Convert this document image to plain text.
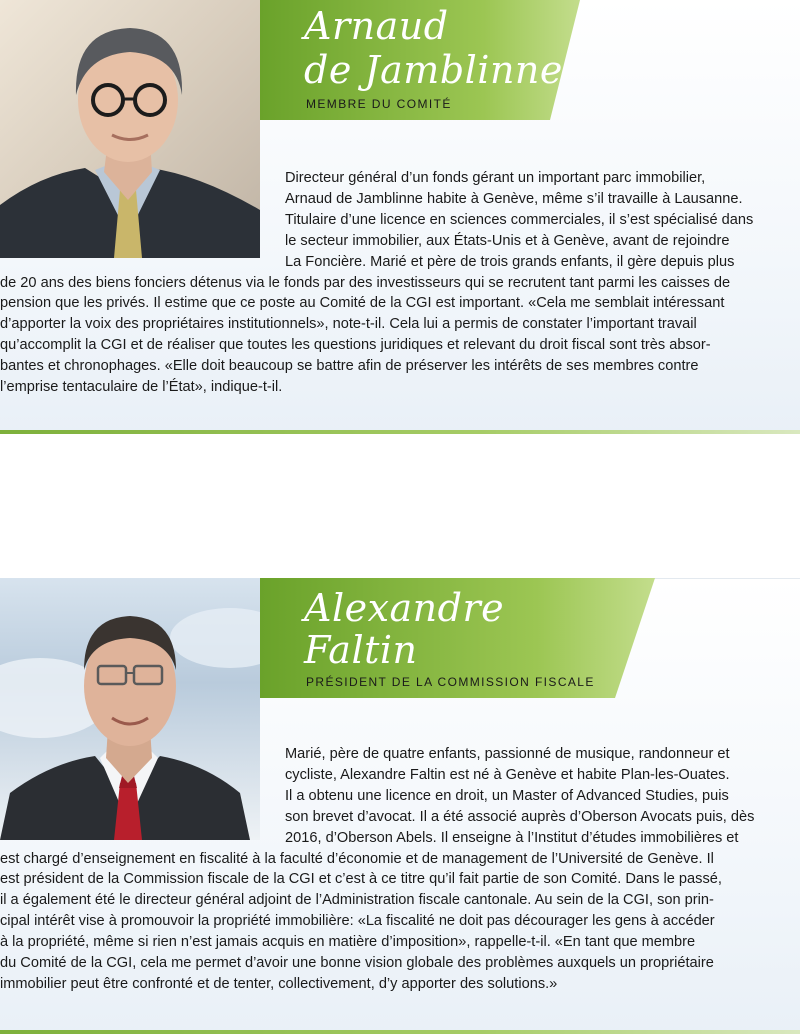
Arnaud
de Jamblinne
MEMBRE DU COMITÉ
Directeur général d’un fonds gérant un important parc immobilier,
Arnaud de Jamblinne habite à Genève, même s’il travaille à Lausanne.
Titulaire d’une licence en sciences commerciales, il s’est spécialisé dans
le secteur immobilier, aux États-Unis et à Genève, avant de rejoindre
La Foncière. Marié et père de trois grands enfants, il gère depuis plus
de 20 ans des biens fonciers détenus via le fonds par des investisseurs qui se recrutent tant parmi les caisses de
pension que les privés. Il estime que ce poste au Comité de la CGI est important. «Cela me semblait intéressant
d’apporter la voix des propriétaires institutionnels», note-t-il. Cela lui a permis de constater l’important travail
qu’accomplit la CGI et de réaliser que toutes les questions juridiques et relevant du droit fiscal sont très absor-
bantes et chronophages. «Elle doit beaucoup se battre afin de préserver les intérêts de ses membres contre
l’emprise tentaculaire de l’État», indique-t-il.
Alexandre
Faltin
PRÉSIDENT DE LA COMMISSION FISCALE
Marié, père de quatre enfants, passionné de musique, randonneur et
cycliste, Alexandre Faltin est né à Genève et habite Plan-les-Ouates.
Il a obtenu une licence en droit, un Master of Advanced Studies, puis
son brevet d’avocat. Il a été associé auprès d’Oberson Avocats puis, dès
2016, d’Oberson Abels. Il enseigne à l’Institut d’études immobilières et
est chargé d’enseignement en fiscalité à la faculté d’économie et de management de l’Université de Genève. Il
est président de la Commission fiscale de la CGI et c’est à ce titre qu’il fait partie de son Comité. Dans le passé,
il a également été le directeur général adjoint de l’Administration fiscale cantonale. Au sein de la CGI, son prin-
cipal intérêt vise à promouvoir la propriété immobilière: «La fiscalité ne doit pas décourager les gens à accéder
à la propriété, même si rien n’est jamais acquis en matière d’imposition», rappelle-t-il. «En tant que membre
du Comité de la CGI, cela me permet d’avoir une bonne vision globale des problèmes auxquels un propriétaire
immobilier peut être confronté et de tenter, collectivement, d’y apporter des solutions.»
